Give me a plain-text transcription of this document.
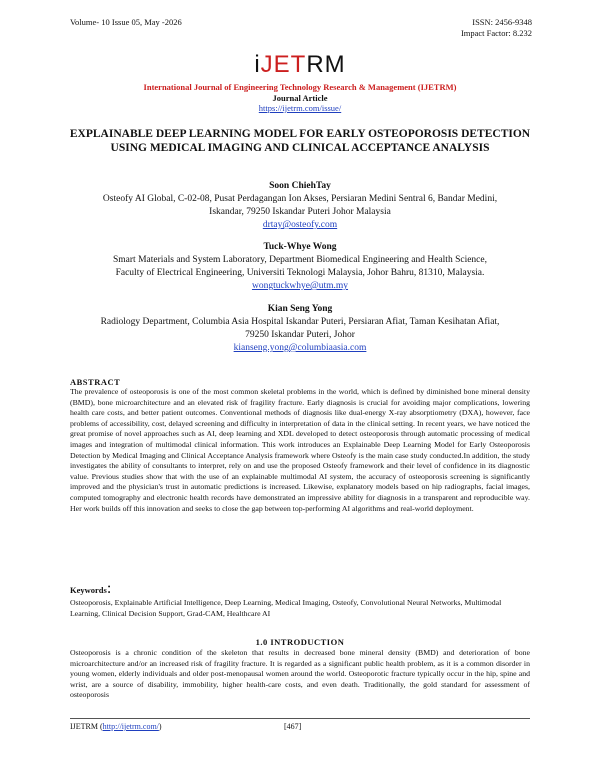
Volume- 10 Issue 05, May -2026	ISSN: 2456-9348
Impact Factor: 8.232
iJETRM
International Journal of Engineering Technology Research & Management (IJETRM)
Journal Article
https://ijetrm.com/issue/
EXPLAINABLE DEEP LEARNING MODEL FOR EARLY OSTEOPOROSIS DETECTION USING MEDICAL IMAGING AND CLINICAL ACCEPTANCE ANALYSIS
Soon ChiehTay
Osteofy AI Global, C-02-08, Pusat Perdagangan Ion Akses, Persiaran Medini Sentral 6, Bandar Medini,
Iskandar, 79250 Iskandar Puteri Johor Malaysia
drtay@osteofy.com
Tuck-Whye Wong
Smart Materials and System Laboratory, Department Biomedical Engineering and Health Science,
Faculty of Electrical Engineering, Universiti Teknologi Malaysia, Johor Bahru, 81310, Malaysia.
wongtuckwhye@utm.my
Kian Seng Yong
Radiology Department, Columbia Asia Hospital Iskandar Puteri, Persiaran Afiat, Taman Kesihatan Afiat,
79250 Iskandar Puteri, Johor
kianseng.yong@columbiaasia.com
ABSTRACT

The prevalence of osteoporosis is one of the most common skeletal problems in the world, which is defined by diminished bone mineral density (BMD), bone microarchitecture and an elevated risk of fragility fracture. Early diagnosis is crucial for avoiding major complications, lowering health care costs, and better patient outcomes. Conventional methods of diagnosis like dual-energy X-ray absorptiometry (DXA), however, face problems of accessibility, cost, delayed screening and difficulty in interpretation of data in the clinical setting. In recent years, we have noticed the great promise of novel approaches such as AI, deep learning and XDL developed to detect osteoporosis through automatic processing of medical images and integration of multimodal clinical information. This work introduces an Explainable Deep Learning Model for Early Osteoporosis Detection by Medical Imaging and Clinical Acceptance Analysis framework where Osteofy is the main case study conducted.In addition, the study investigates the ability of consultants to interpret, rely on and use the proposed Osteofy framework and their level of confidence in its diagnostic value. Previous studies show that with the use of an explainable multimodal AI system, the accuracy of osteoporosis screening is significantly improved and the physician's trust in automatic predictions is increased. Likewise, explanatory models based on hip radiographs, facial images, computed tomography and electronic health records have demonstrated an impressive ability for diagnosis in a transparent and reproducible way. Her work builds off this innovation and seeks to close the gap between top-performing AI algorithms and real-world deployment.

Keywords:

Osteoporosis, Explainable Artificial Intelligence, Deep Learning, Medical Imaging, Osteofy, Convolutional Neural Networks, Multimodal Learning, Clinical Decision Support, Grad-CAM, Healthcare AI

1.0 INTRODUCTION

Osteoporosis is a chronic condition of the skeleton that results in decreased bone mineral density (BMD) and deterioration of bone microarchitecture and/or an increased risk of fragility fracture. It is regarded as a significant public health problem, as it is a common disorder in young women, elderly individuals and older post-menopausal women around the world. Osteoporotic fracture typically occur in the hip, spine and wrist, are a source of disability, immobility, higher health-care costs, and even death. Traditionally, the gold standard for assessment of osteoporosis

IJETRM (http://ijetrm.com/)	[467]
